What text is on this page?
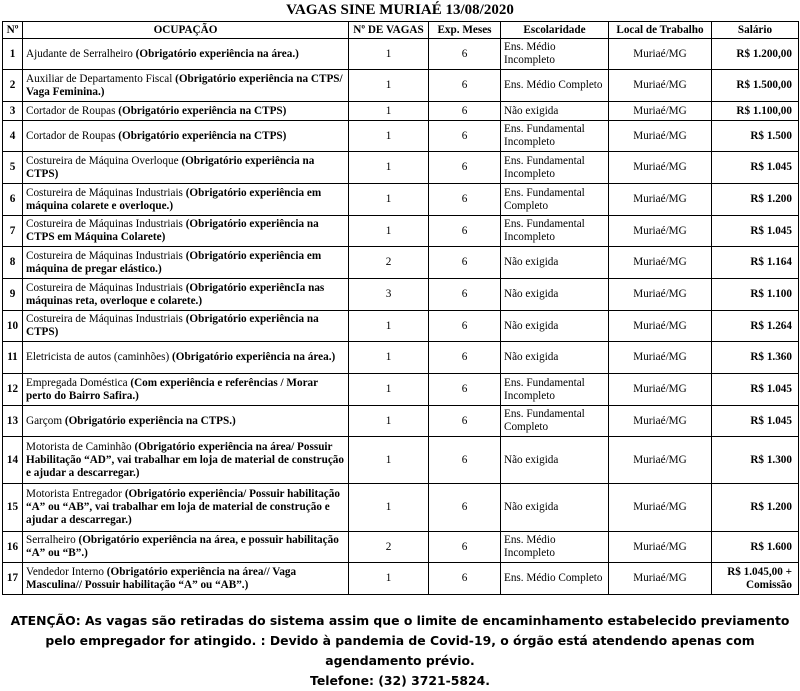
VAGAS SINE MURIAÉ 13/08/2020
Nº	OCUPAÇÃO	Nº DE VAGAS	Exp. Meses	Escolaridade	Local de Trabalho	Salário
1	Ajudante de Serralheiro (Obrigatório experiência na área.)	1	6	Ens. Médio Incompleto	Muriaé/MG	R$ 1.200,00
2	Auxiliar de Departamento Fiscal (Obrigatório experiência na CTPS/ Vaga Feminina.)	1	6	Ens. Médio Completo	Muriaé/MG	R$ 1.500,00
3	Cortador de Roupas (Obrigatório experiência na CTPS)	1	6	Não exigida	Muriaé/MG	R$ 1.100,00
4	Cortador de Roupas (Obrigatório experiência na CTPS)	1	6	Ens. Fundamental Incompleto	Muriaé/MG	R$ 1.500
5	Costureira de Máquina Overloque (Obrigatório experiência na CTPS)	1	6	Ens. Fundamental Incompleto	Muriaé/MG	R$ 1.045
6	Costureira de Máquinas Industriais (Obrigatório experiência em máquina colarete e overloque.)	1	6	Ens. Fundamental Completo	Muriaé/MG	R$ 1.200
7	Costureira de Máquinas Industriais (Obrigatório experiência na CTPS em Máquina Colarete)	1	6	Ens. Fundamental Incompleto	Muriaé/MG	R$ 1.045
8	Costureira de Máquinas Industriais (Obrigatório experiência em máquina de pregar elástico.)	2	6	Não exigida	Muriaé/MG	R$ 1.164
9	Costureira de Máquinas Industriais (Obrigatório experiêncIa nas máquinas reta, overloque e colarete.)	3	6	Não exigida	Muriaé/MG	R$ 1.100
10	Costureira de Máquinas Industriais (Obrigatório experiência na CTPS)	1	6	Não exigida	Muriaé/MG	R$ 1.264
11	Eletricista de autos (caminhões) (Obrigatório experiência na área.)	1	6	Não exigida	Muriaé/MG	R$ 1.360
12	Empregada Doméstica (Com experiência e referências / Morar perto do Bairro Safira.)	1	6	Ens. Fundamental Incompleto	Muriaé/MG	R$ 1.045
13	Garçom (Obrigatório experiência na CTPS.)	1	6	Ens. Fundamental Completo	Muriaé/MG	R$ 1.045
14	Motorista de Caminhão (Obrigatório experiência na área/ Possuir Habilitação “AD”, vai trabalhar em loja de material de construção e ajudar a descarregar.)	1	6	Não exigida	Muriaé/MG	R$ 1.300
15	Motorista Entregador (Obrigatório experiência/ Possuir habilitação “A” ou “AB”, vai trabalhar em loja de material de construção e ajudar a descarregar.)	1	6	Não exigida	Muriaé/MG	R$ 1.200
16	Serralheiro (Obrigatório experiência na área, e possuir habilitação “A” ou “B”.)	2	6	Ens. Médio Incompleto	Muriaé/MG	R$ 1.600
17	Vendedor Interno (Obrigatório experiência na área// Vaga Masculina// Possuir habilitação “A” ou “AB”.)	1	6	Ens. Médio Completo	Muriaé/MG	R$ 1.045,00 + Comissão
ATENÇÃO: As vagas são retiradas do sistema assim que o limite de encaminhamento estabelecido previamento pelo empregador for atingido. : Devido à pandemia de Covid-19, o órgão está atendendo apenas com agendamento prévio.
Telefone: (32) 3721-5824.
